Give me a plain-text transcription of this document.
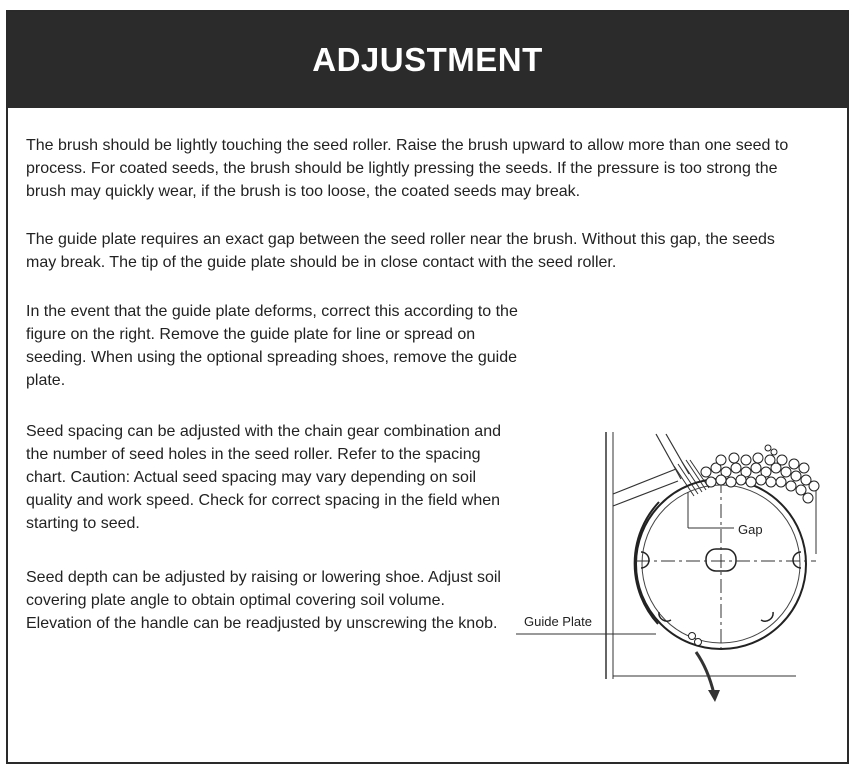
ADJUSTMENT

The brush should be lightly touching the seed roller. Raise the brush upward to allow more than one seed to process. For coated seeds, the brush should be lightly pressing the seeds. If the pressure is too strong the brush may quickly wear, if the brush is too loose, the coated seeds may break.

The guide plate requires an exact gap between the seed roller near the brush. Without this gap, the seeds may break. The tip of the guide plate should be in close contact with the seed roller.

In the event that the guide plate deforms, correct this according to the figure on the right. Remove the guide plate for line or spread on seeding. When using the optional spreading shoes, remove the guide plate.

Seed spacing can be adjusted with the chain gear combination and the number of seed holes in the seed roller. Refer to the spacing chart. Caution: Actual seed spacing may vary depending on soil quality and work speed. Check for correct spacing in the field when starting to seed.

Seed depth can be adjusted by raising or lowering shoe. Adjust soil covering plate angle to obtain optimal covering soil volume. Elevation of the handle can be readjusted by unscrewing the knob.

Gap
Guide Plate
